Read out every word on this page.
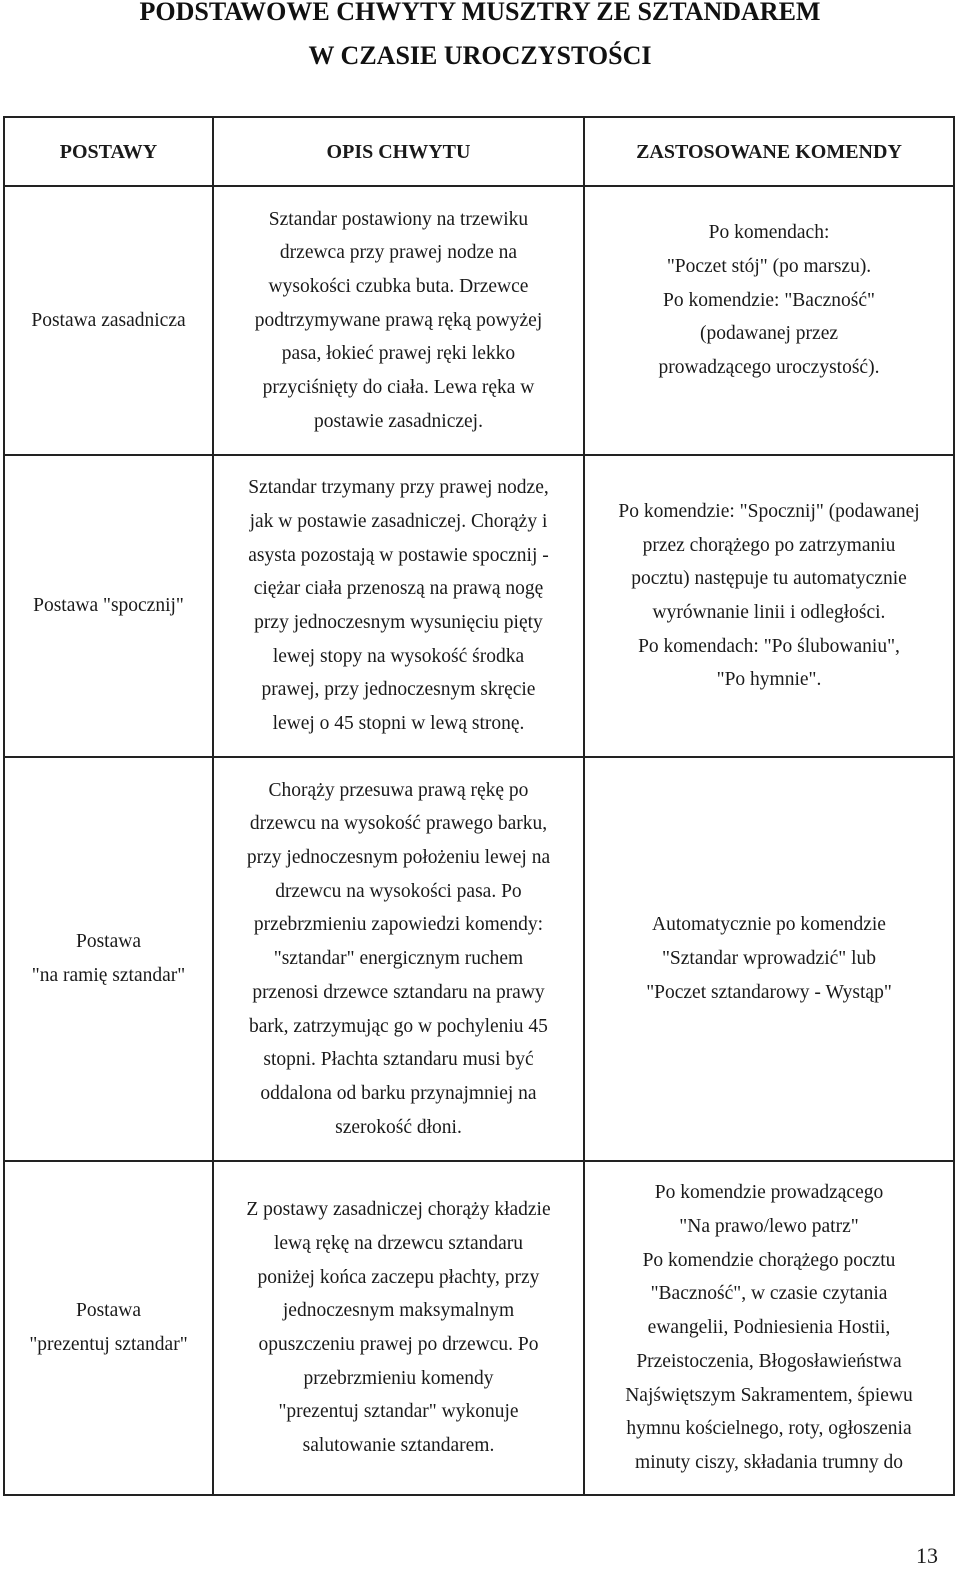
PODSTAWOWE CHWYTY MUSZTRY ZE SZTANDAREM
W CZASIE UROCZYSTOŚCI
POSTAWY	OPIS CHWYTU	ZASTOSOWANE KOMENDY
Postawa zasadnicza
Sztandar postawiony na trzewiku
drzewca przy prawej nodze na
wysokości czubka buta. Drzewce
podtrzymywane prawą ręką powyżej
pasa, łokieć prawej ręki lekko
przyciśnięty do ciała. Lewa ręka w
postawie zasadniczej.
Po komendach:
"Poczet stój" (po marszu).
Po komendzie: "Baczność"
(podawanej przez
prowadzącego uroczystość).
Postawa "spocznij"
Sztandar trzymany przy prawej nodze,
jak w postawie zasadniczej. Chorąży i
asysta pozostają w postawie spocznij -
ciężar ciała przenoszą na prawą nogę
przy jednoczesnym wysunięciu pięty
lewej stopy na wysokość środka
prawej, przy jednoczesnym skręcie
lewej o 45 stopni w lewą stronę.
Po komendzie: "Spocznij" (podawanej
przez chorążego po zatrzymaniu
pocztu) następuje tu automatycznie
wyrównanie linii i odległości.
Po komendach: "Po ślubowaniu",
"Po hymnie".
Postawa
"na ramię sztandar"
Chorąży przesuwa prawą rękę po
drzewcu na wysokość prawego barku,
przy jednoczesnym położeniu lewej na
drzewcu na wysokości pasa. Po
przebrzmieniu zapowiedzi komendy:
"sztandar" energicznym ruchem
przenosi drzewce sztandaru na prawy
bark, zatrzymując go w pochyleniu 45
stopni. Płachta sztandaru musi być
oddalona od barku przynajmniej na
szerokość dłoni.
Automatycznie po komendzie
"Sztandar wprowadzić" lub
"Poczet sztandarowy - Wystąp"
Postawa
"prezentuj sztandar"
Z postawy zasadniczej chorąży kładzie
lewą rękę na drzewcu sztandaru
poniżej końca zaczepu płachty, przy
jednoczesnym maksymalnym
opuszczeniu prawej po drzewcu. Po
przebrzmieniu komendy
"prezentuj sztandar" wykonuje
salutowanie sztandarem.
Po komendzie prowadzącego
"Na prawo/lewo patrz"
Po komendzie chorążego pocztu
"Baczność", w czasie czytania
ewangelii, Podniesienia Hostii,
Przeistoczenia, Błogosławieństwa
Najświętszym Sakramentem, śpiewu
hymnu kościelnego, roty, ogłoszenia
minuty ciszy, składania trumny do
13
